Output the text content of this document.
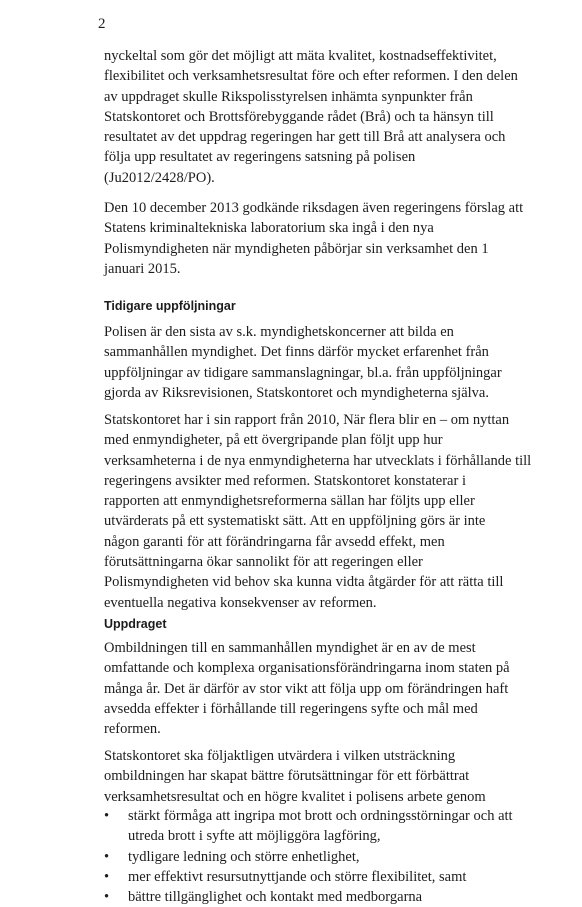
2

nyckeltal som gör det möjligt att mäta kvalitet, kostnadseffektivitet,
flexibilitet och verksamhetsresultat före och efter reformen. I den delen
av uppdraget skulle Rikspolisstyrelsen inhämta synpunkter från
Statskontoret och Brottsförebyggande rådet (Brå) och ta hänsyn till
resultatet av det uppdrag regeringen har gett till Brå att analysera och
följa upp resultatet av regeringens satsning på polisen
(Ju2012/2428/PO).

Den 10 december 2013 godkände riksdagen även regeringens förslag att
Statens kriminaltekniska laboratorium ska ingå i den nya
Polismyndigheten när myndigheten påbörjar sin verksamhet den 1
januari 2015.

Tidigare uppföljningar

Polisen är den sista av s.k. myndighetskoncerner att bilda en
sammanhållen myndighet. Det finns därför mycket erfarenhet från
uppföljningar av tidigare sammanslagningar, bl.a. från uppföljningar
gjorda av Riksrevisionen, Statskontoret och myndigheterna själva.

Statskontoret har i sin rapport från 2010, När flera blir en – om nyttan
med enmyndigheter, på ett övergripande plan följt upp hur
verksamheterna i de nya enmyndigheterna har utvecklats i förhållande till
regeringens avsikter med reformen. Statskontoret konstaterar i
rapporten att enmyndighetsreformerna sällan har följts upp eller
utvärderats på ett systematiskt sätt. Att en uppföljning görs är inte
någon garanti för att förändringarna får avsedd effekt, men
förutsättningarna ökar sannolikt för att regeringen eller
Polismyndigheten vid behov ska kunna vidta åtgärder för att rätta till
eventuella negativa konsekvenser av reformen.

Uppdraget

Ombildningen till en sammanhållen myndighet är en av de mest
omfattande och komplexa organisationsförändringarna inom staten på
många år. Det är därför av stor vikt att följa upp om förändringen haft
avsedda effekter i förhållande till regeringens syfte och mål med
reformen.

Statskontoret ska följaktligen utvärdera i vilken utsträckning
ombildningen har skapat bättre förutsättningar för ett förbättrat
verksamhetsresultat och en högre kvalitet i polisens arbete genom

• stärkt förmåga att ingripa mot brott och ordningsstörningar och att
utreda brott i syfte att möjliggöra lagföring,
• tydligare ledning och större enhetlighet,
• mer effektivt resursutnyttjande och större flexibilitet, samt
• bättre tillgänglighet och kontakt med medborgarna
